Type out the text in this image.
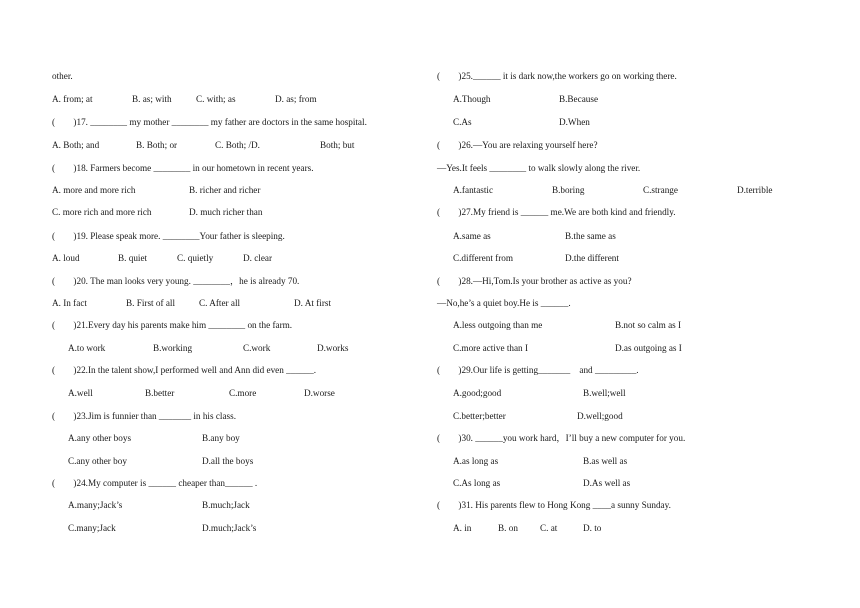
other.
A. from; at	B. as; with	C. with; as	D. as; from
(　　)17. ________ my mother ________ my father are doctors in the same hospital.
A. Both; and	B. Both; or	C. Both; /D.	Both; but
(　　)18. Farmers become ________ in our hometown in recent years.
A. more and more rich	B. richer and richer
C. more rich and more rich	D. much richer than
(　　)19. Please speak more. ________Your father is sleeping.
A. loud	B. quiet	C. quietly	D. clear
(　　)20. The man looks very young. ________，he is already 70.
A. In fact	B. First of all	C. After all	D. At first
(　　)21.Every day his parents make him ________ on the farm.
A.to work	B.working	C.work	D.works
(　　)22.In the talent show,I performed well and Ann did even ______.
A.well	B.better	C.more	D.worse
(　　)23.Jim is funnier than _______ in his class.
A.any other boys	B.any boy
C.any other boy	D.all the boys
(　　)24.My computer is ______ cheaper than______ .
A.many;Jack’s	B.much;Jack
C.many;Jack	D.much;Jack’s
(　　)25.______ it is dark now,the workers go on working there.
A.Though	B.Because
C.As	D.When
(　　)26.—You are relaxing yourself here?
—Yes.It feels ________ to walk slowly along the river.
A.fantastic	B.boring	C.strange	D.terrible
(　　)27.My friend is ______ me.We are both kind and friendly.
A.same as	B.the same as
C.different from	D.the different
(　　)28.—Hi,Tom.Is your brother as active as you?
—No,he’s a quiet boy.He is ______.
A.less outgoing than me	B.not so calm as I
C.more active than I	D.as outgoing as I
(　　)29.Our life is getting_______　and _________.
A.good;good	B.well;well
C.better;better	D.well;good
(　　)30. ______you work hard，I’ll buy a new computer for you.
A.as long as	B.as well as
C.As long as	D.As well as
(　　)31. His parents flew to Hong Kong ____a sunny Sunday.
A. in	B. on C. at	D. to
